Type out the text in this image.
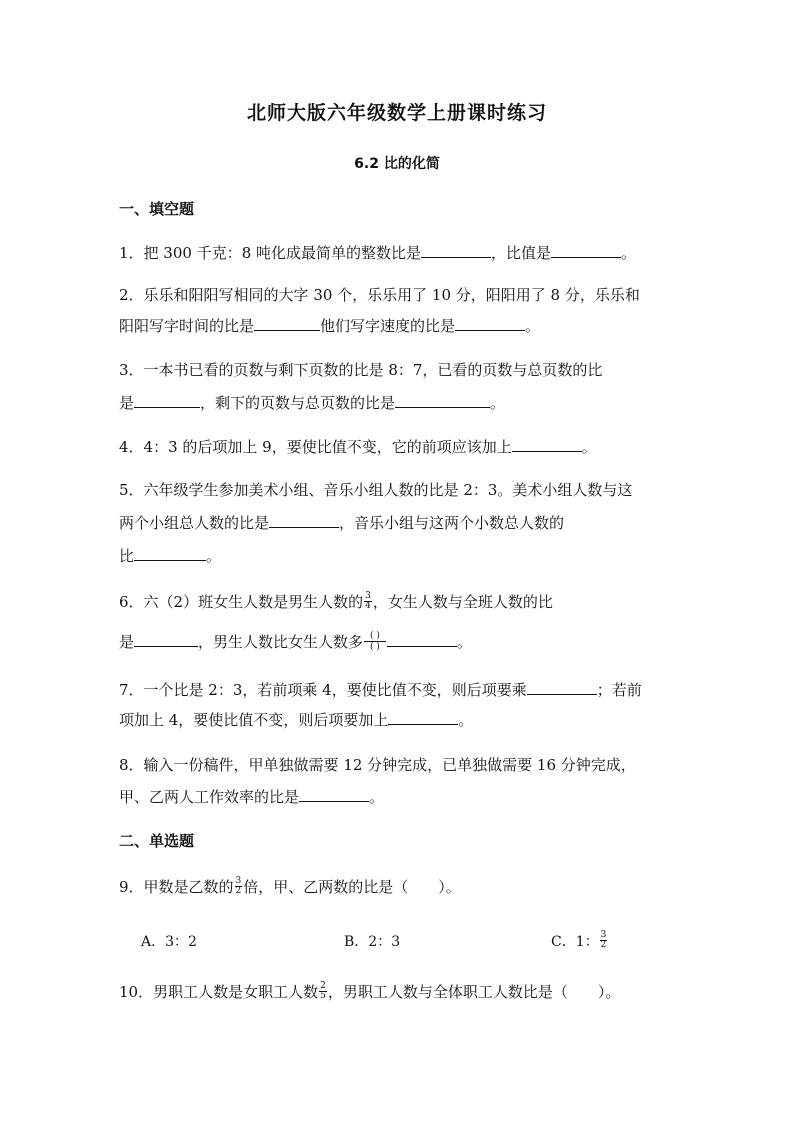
北师大版六年级数学上册课时练习
6.2 比的化简
一、填空题
1．把 300 千克：8 吨化成最简单的整数比是	，比值是	。
2．乐乐和阳阳写相同的大字 30 个，乐乐用了 10 分，阳阳用了 8 分，乐乐和
阳阳写字时间的比是	他们写字速度的比是	。
3．一本书已看的页数与剩下页数的比是 8：7，已看的页数与总页数的比
是	，剩下的页数与总页数的比是	。
4．4：3 的后项加上 9，要使比值不变，它的前项应该加上	。
5．六年级学生参加美术小组、音乐小组人数的比是 2：3。美术小组人数与这
两个小组总人数的比是	，音乐小组与这两个小数总人数的
比	。
6．六（2）班女生人数是男生人数的 $\frac{3}{4}$ ，女生人数与全班人数的比
是	，男生人数比女生人数多 $\frac{( )}{( )}$	。
7．一个比是 2：3，若前项乘 4，要使比值不变，则后项要乘	；若前
项加上 4，要使比值不变，则后项要加上	。
8．输入一份稿件，甲单独做需要 12 分钟完成，已单独做需要 16 分钟完成，
甲、乙两人工作效率的比是	。
二、单选题
9．甲数是乙数的 $\frac{3}{2}$ 倍，甲、乙两数的比是（　　）。
A．3：2	B．2：3	C．1： $\frac{3}{2}$
10．男职工人数是女职工人数 $\frac{2}{5}$ ，男职工人数与全体职工人数比是（　　）。
